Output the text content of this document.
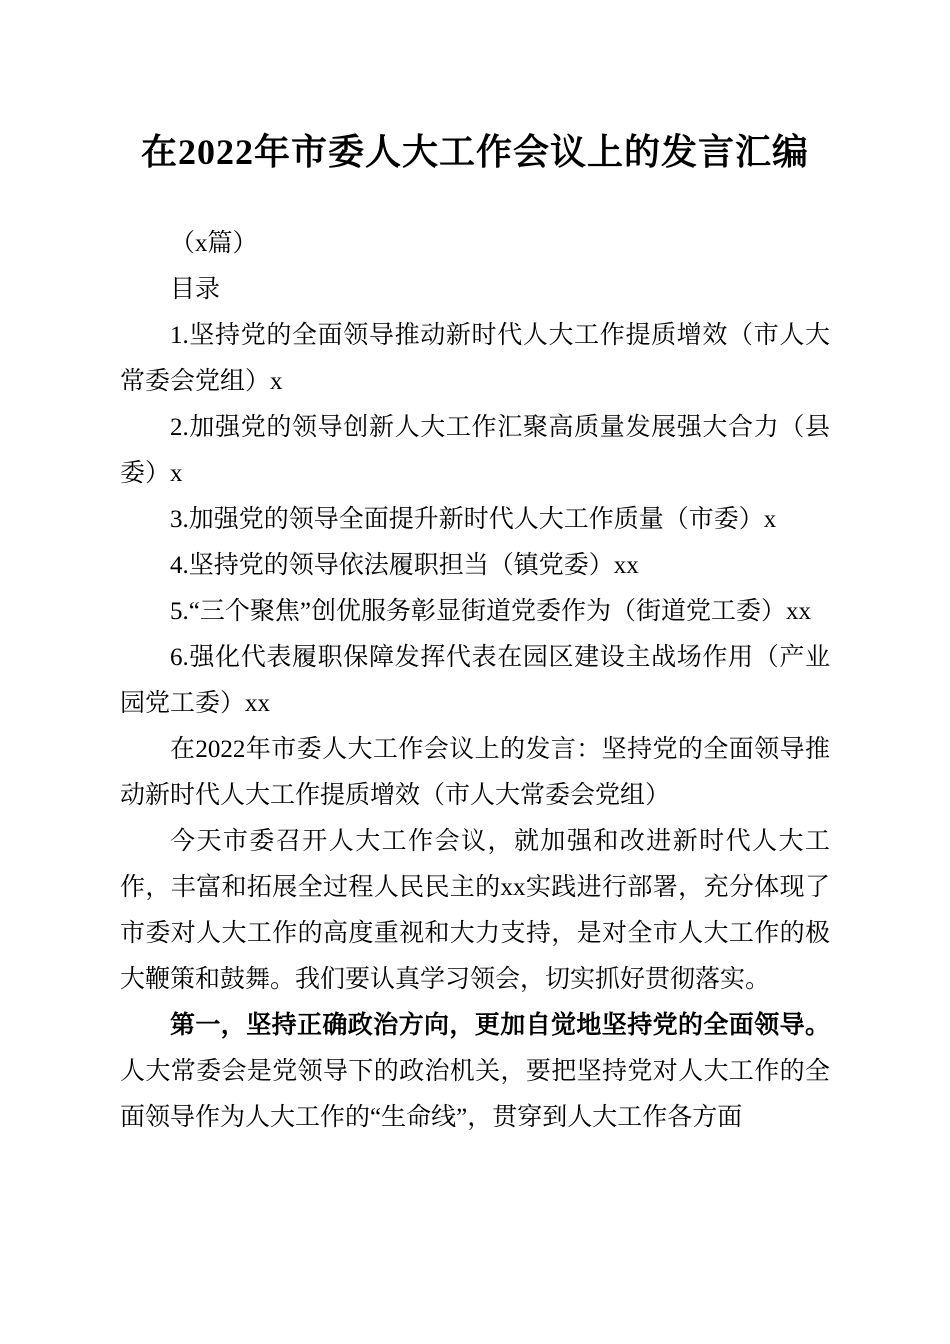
在2022年市委人大工作会议上的发言汇编

（x篇）

目录

1.坚持党的全面领导推动新时代人大工作提质增效（市人大常委会党组）x

2.加强党的领导创新人大工作汇聚高质量发展强大合力（县委）x

3.加强党的领导全面提升新时代人大工作质量（市委）x

4.坚持党的领导依法履职担当（镇党委）xx

5.“三个聚焦”创优服务彰显街道党委作为（街道党工委）xx

6.强化代表履职保障发挥代表在园区建设主战场作用（产业园党工委）xx

在2022年市委人大工作会议上的发言：坚持党的全面领导推动新时代人大工作提质增效（市人大常委会党组）

今天市委召开人大工作会议，就加强和改进新时代人大工作，丰富和拓展全过程人民民主的xx实践进行部署，充分体现了市委对人大工作的高度重视和大力支持，是对全市人大工作的极大鞭策和鼓舞。我们要认真学习领会，切实抓好贯彻落实。

第一，坚持正确政治方向，更加自觉地坚持党的全面领导。人大常委会是党领导下的政治机关，要把坚持党对人大工作的全面领导作为人大工作的“生命线”，贯穿到人大工作各方面
